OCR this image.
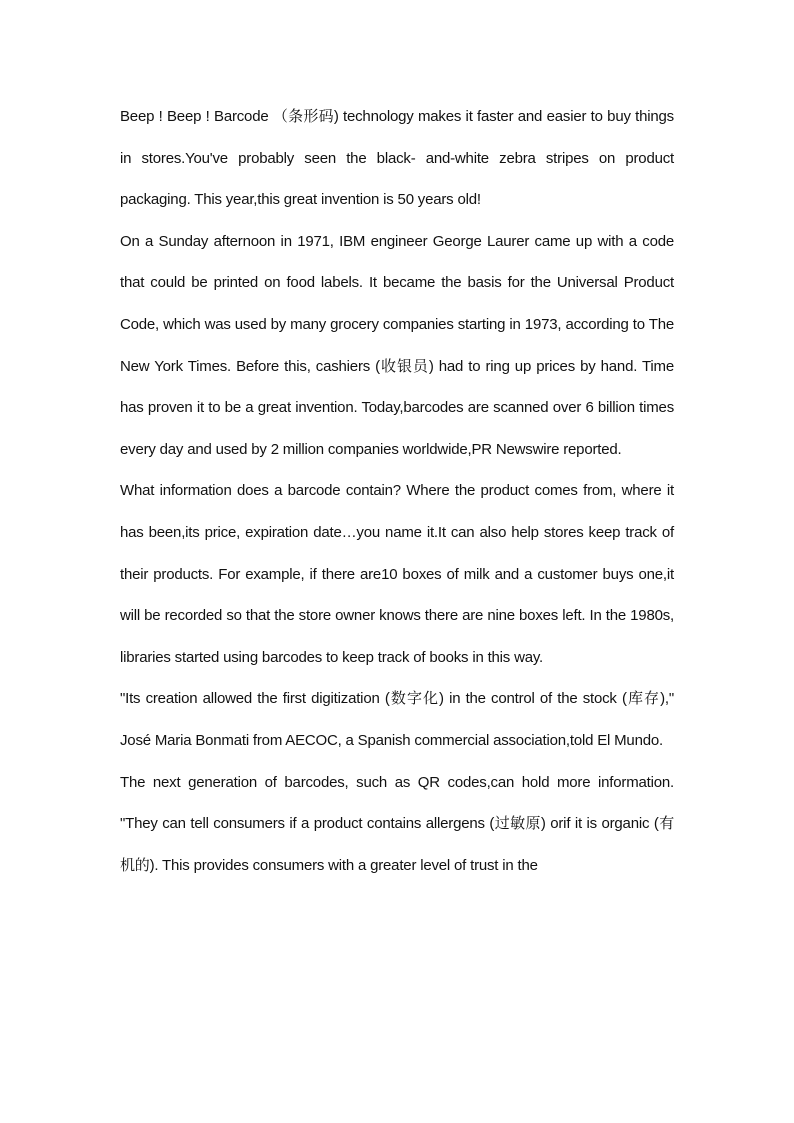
Beep ! Beep ! Barcode （条形码) technology makes it faster and easier to buy things in stores.You've probably seen the black- and-white zebra stripes on product packaging. This year,this great invention is 50 years old!

On a Sunday afternoon in 1971, IBM engineer George Laurer came up with a code that could be printed on food labels. It became the basis for the Universal Product Code, which was used by many grocery companies starting in 1973, according to The New York Times. Before this, cashiers (收银员) had to ring up prices by hand. Time has proven it to be a great invention. Today,barcodes are scanned over 6 billion times every day and used by 2 million companies worldwide,PR Newswire reported.

What information does a barcode contain? Where the product comes from, where it has been,its price, expiration date…you name it.It can also help stores keep track of their products. For example, if there are10 boxes of milk and a customer buys one,it will be recorded so that the store owner knows there are nine boxes left. In the 1980s, libraries started using barcodes to keep track of books in this way.

"Its creation allowed the first digitization (数字化) in the control of the stock (库存)," José Maria Bonmati from AECOC, a Spanish commercial association,told El Mundo.

The next generation of barcodes, such as QR codes,can hold more information. "They can tell consumers if a product contains allergens (过敏原) orif it is organic (有机的). This provides consumers with a greater level of trust in the
